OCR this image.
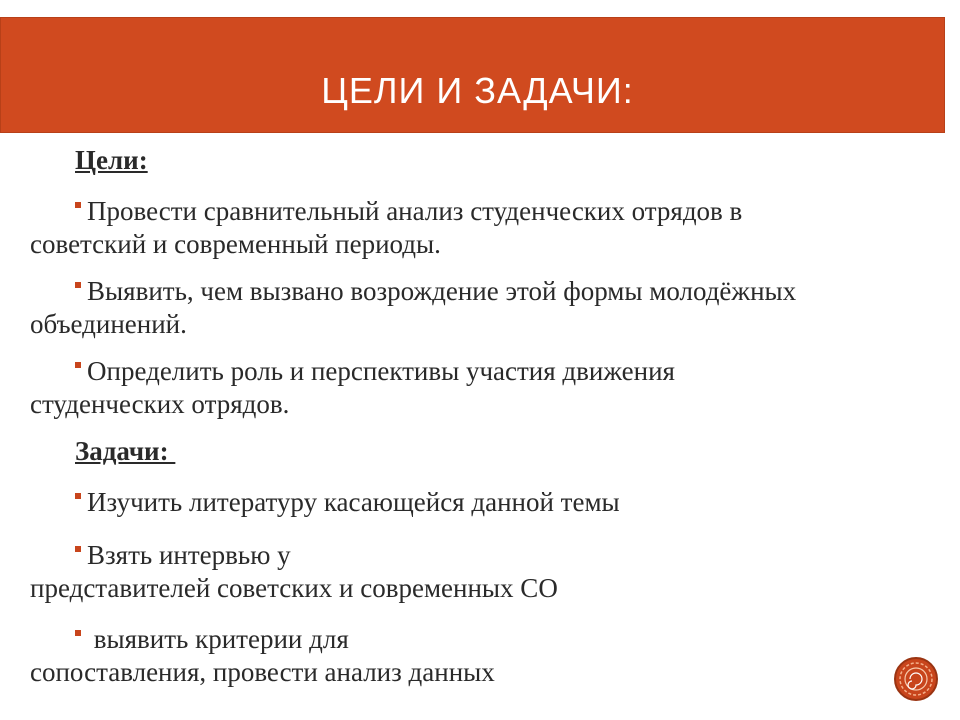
ЦЕЛИ И ЗАДАЧИ:
Цели:
Провести сравнительный анализ студенческих отрядов в
советский и современный периоды.
Выявить, чем вызвано возрождение этой формы молодёжных
объединений.
Определить роль и перспективы участия движения
студенческих отрядов.
Задачи:
Изучить литературу касающейся данной темы
Взять интервью у
представителей советских и современных СО
выявить критерии для
сопоставления, провести анализ данных
